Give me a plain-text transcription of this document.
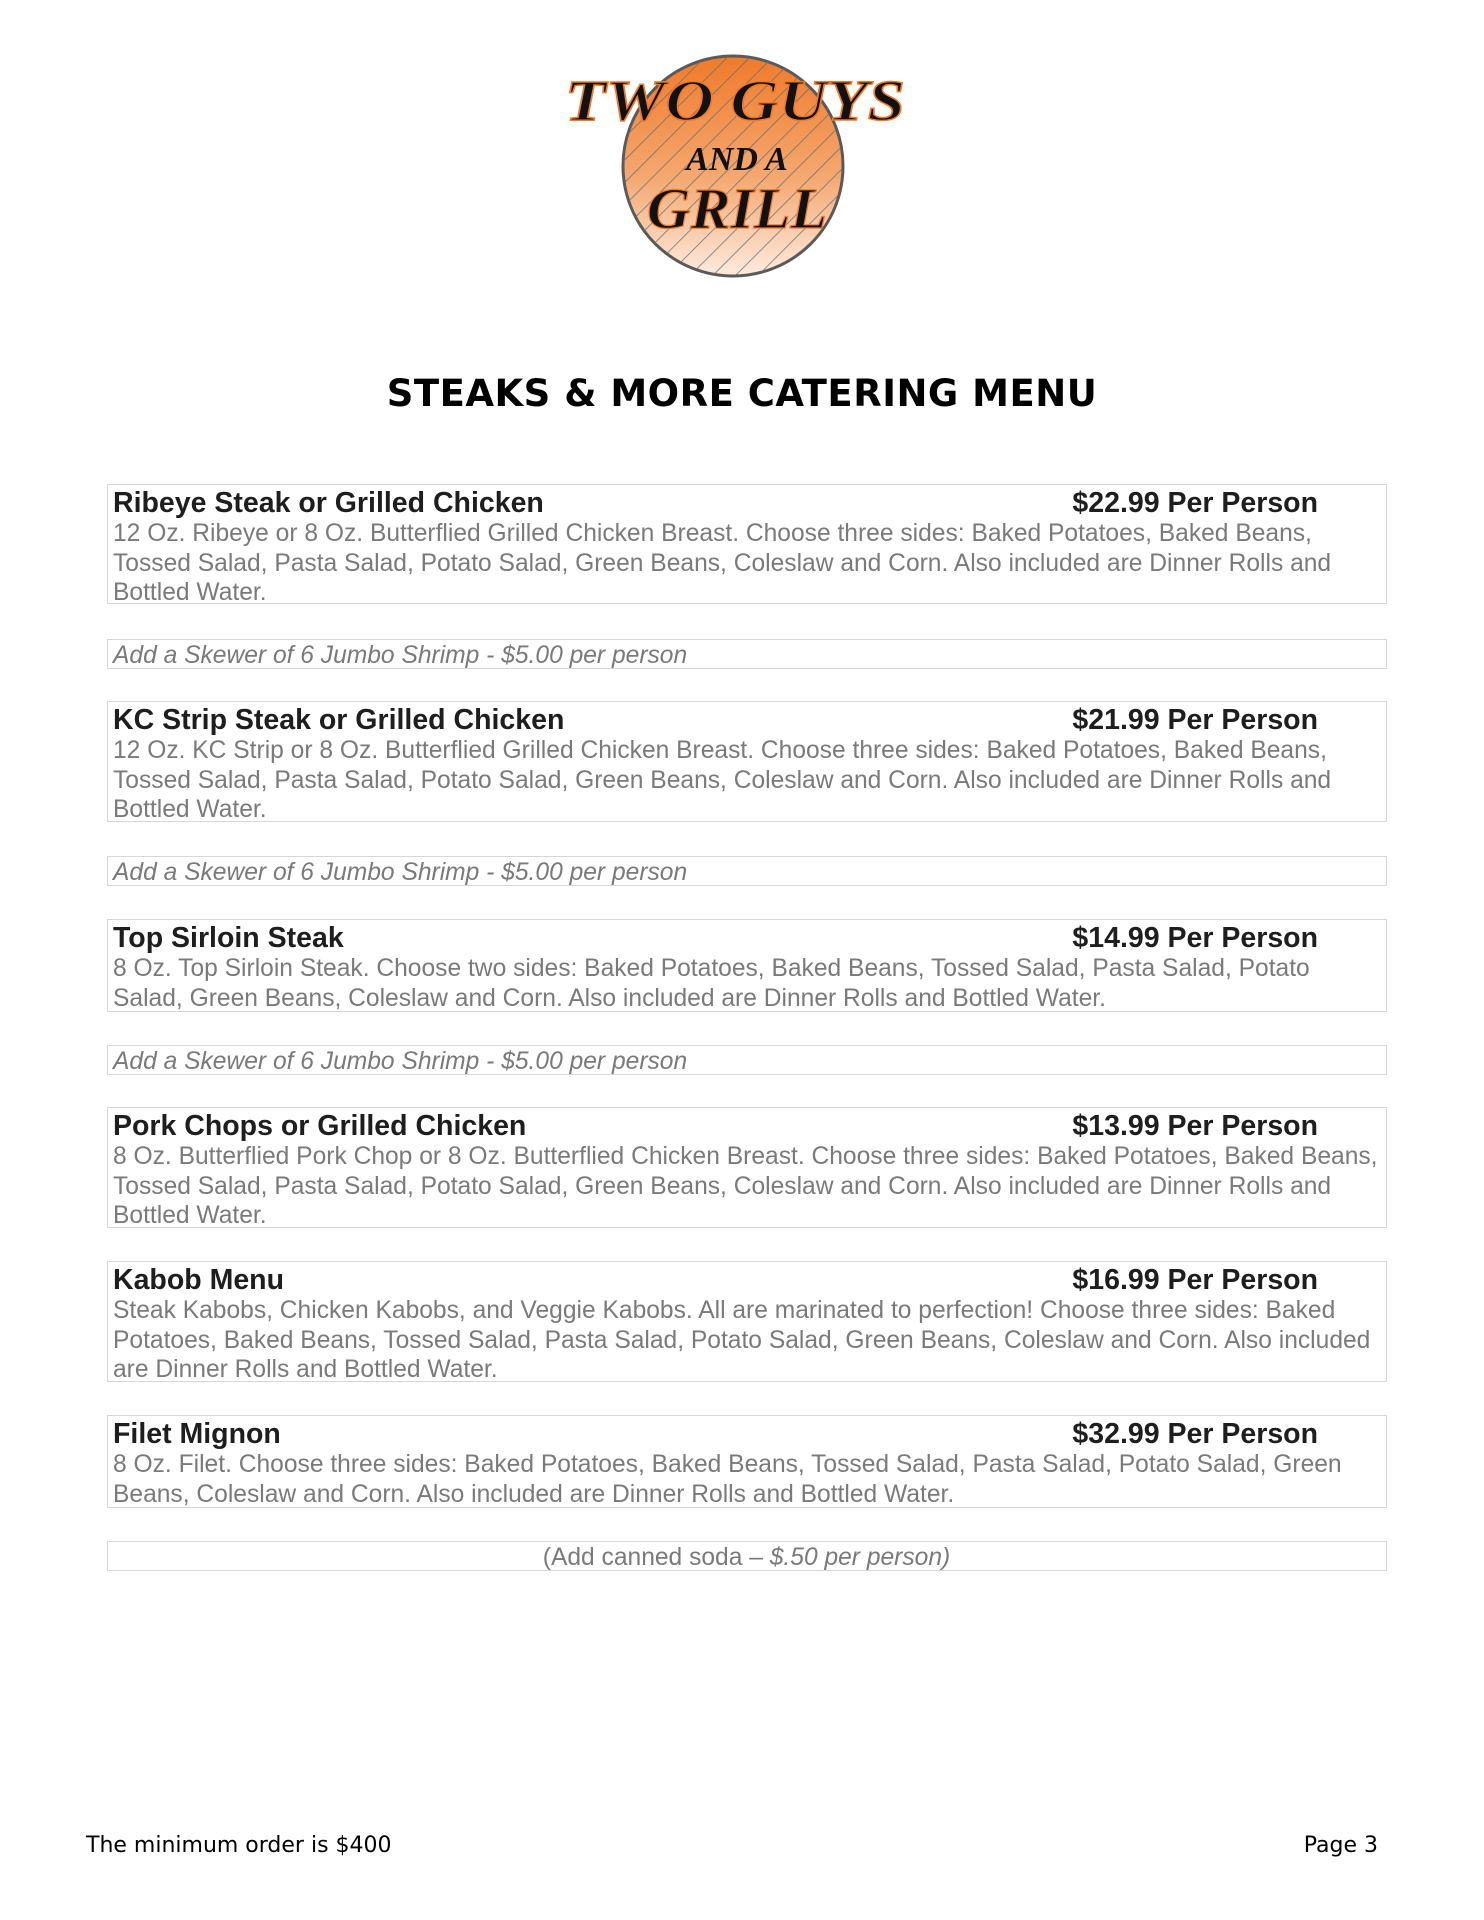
TWO GUYS
AND A
GRILL
STEAKS & MORE CATERING MENU
Ribeye Steak or Grilled Chicken	$22.99 Per Person
12 Oz. Ribeye or 8 Oz. Butterflied Grilled Chicken Breast. Choose three sides: Baked Potatoes, Baked Beans, Tossed Salad, Pasta Salad, Potato Salad, Green Beans, Coleslaw and Corn. Also included are Dinner Rolls and Bottled Water.
Add a Skewer of 6 Jumbo Shrimp - $5.00 per person
KC Strip Steak or Grilled Chicken	$21.99 Per Person
12 Oz. KC Strip or 8 Oz. Butterflied Grilled Chicken Breast. Choose three sides: Baked Potatoes, Baked Beans, Tossed Salad, Pasta Salad, Potato Salad, Green Beans, Coleslaw and Corn. Also included are Dinner Rolls and Bottled Water.
Add a Skewer of 6 Jumbo Shrimp - $5.00 per person
Top Sirloin Steak	$14.99 Per Person
8 Oz. Top Sirloin Steak. Choose two sides: Baked Potatoes, Baked Beans, Tossed Salad, Pasta Salad, Potato Salad, Green Beans, Coleslaw and Corn. Also included are Dinner Rolls and Bottled Water.
Add a Skewer of 6 Jumbo Shrimp - $5.00 per person
Pork Chops or Grilled Chicken	$13.99 Per Person
8 Oz. Butterflied Pork Chop or 8 Oz. Butterflied Chicken Breast. Choose three sides: Baked Potatoes, Baked Beans, Tossed Salad, Pasta Salad, Potato Salad, Green Beans, Coleslaw and Corn. Also included are Dinner Rolls and Bottled Water.
Kabob Menu	$16.99 Per Person
Steak Kabobs, Chicken Kabobs, and Veggie Kabobs. All are marinated to perfection! Choose three sides: Baked Potatoes, Baked Beans, Tossed Salad, Pasta Salad, Potato Salad, Green Beans, Coleslaw and Corn. Also included are Dinner Rolls and Bottled Water.
Filet Mignon	$32.99 Per Person
8 Oz. Filet. Choose three sides: Baked Potatoes, Baked Beans, Tossed Salad, Pasta Salad, Potato Salad, Green Beans, Coleslaw and Corn. Also included are Dinner Rolls and Bottled Water.
(Add canned soda – $.50 per person)
The minimum order is $400	Page 3
